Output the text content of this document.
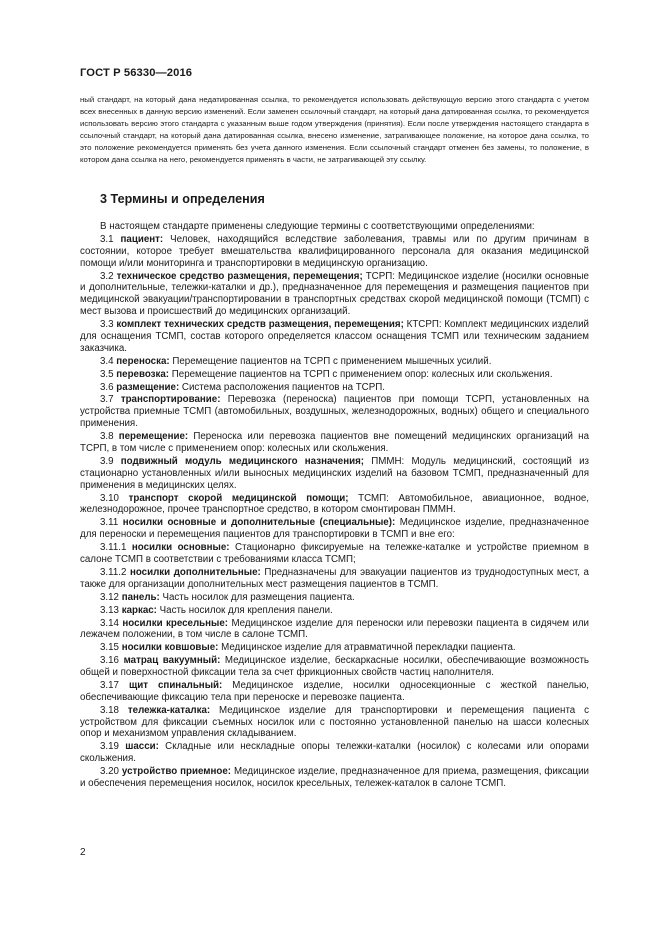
ГОСТ Р 56330—2016

ный стандарт, на который дана недатированная ссылка, то рекомендуется использовать действующую версию этого стандарта с учетом всех внесенных в данную версию изменений. Если заменен ссылочный стандарт, на который дана датированная ссылка, то рекомендуется использовать версию этого стандарта с указанным выше годом утверждения (принятия). Если после утверждения настоящего стандарта в ссылочный стандарт, на который дана датированная ссылка, внесено изменение, затрагивающее положение, на которое дана ссылка, то это положение рекомендуется применять без учета данного изменения. Если ссылочный стандарт отменен без замены, то положение, в котором дана ссылка на него, рекомендуется применять в части, не затрагивающей эту ссылку.

3 Термины и определения

В настоящем стандарте применены следующие термины с соответствующими определениями:

3.1 пациент: Человек, находящийся вследствие заболевания, травмы или по другим причинам в состоянии, которое требует вмешательства квалифицированного персонала для оказания медицинской помощи и/или мониторинга и транспортировки в медицинскую организацию.

3.2 техническое средство размещения, перемещения; ТСРП: Медицинское изделие (носилки основные и дополнительные, тележки-каталки и др.), предназначенное для перемещения и размещения пациентов при медицинской эвакуации/транспортировании в транспортных средствах скорой медицинской помощи (ТСМП) с мест вызова и происшествий до медицинских организаций.

3.3 комплект технических средств размещения, перемещения; КТСРП: Комплект медицинских изделий для оснащения ТСМП, состав которого определяется классом оснащения ТСМП или техническим заданием заказчика.

3.4 переноска: Перемещение пациентов на ТСРП с применением мышечных усилий.

3.5 перевозка: Перемещение пациентов на ТСРП с применением опор: колесных или скольжения.

3.6 размещение: Система расположения пациентов на ТСРП.

3.7 транспортирование: Перевозка (переноска) пациентов при помощи ТСРП, установленных на устройства приемные ТСМП (автомобильных, воздушных, железнодорожных, водных) общего и специального применения.

3.8 перемещение: Переноска или перевозка пациентов вне помещений медицинских организаций на ТСРП, в том числе с применением опор: колесных или скольжения.

3.9 подвижный модуль медицинского назначения; ПММН: Модуль медицинский, состоящий из стационарно установленных и/или выносных медицинских изделий на базовом ТСМП, предназначенный для применения в медицинских целях.

3.10 транспорт скорой медицинской помощи; ТСМП: Автомобильное, авиационное, водное, железнодорожное, прочее транспортное средство, в котором смонтирован ПММН.

3.11 носилки основные и дополнительные (специальные): Медицинское изделие, предназначенное для переноски и перемещения пациентов для транспортировки в ТСМП и вне его:

3.11.1 носилки основные: Стационарно фиксируемые на тележке-каталке и устройстве приемном в салоне ТСМП в соответствии с требованиями класса ТСМП;

3.11.2 носилки дополнительные: Предназначены для эвакуации пациентов из труднодоступных мест, а также для организации дополнительных мест размещения пациентов в ТСМП.

3.12 панель: Часть носилок для размещения пациента.

3.13 каркас: Часть носилок для крепления панели.

3.14 носилки кресельные: Медицинское изделие для переноски или перевозки пациента в сидячем или лежачем положении, в том числе в салоне ТСМП.

3.15 носилки ковшовые: Медицинское изделие для атравматичной перекладки пациента.

3.16 матрац вакуумный: Медицинское изделие, бескаркасные носилки, обеспечивающие возможность общей и поверхностной фиксации тела за счет фрикционных свойств частиц наполнителя.

3.17 щит спинальный: Медицинское изделие, носилки односекционные с жесткой панелью, обеспечивающие фиксацию тела при переноске и перевозке пациента.

3.18 тележка-каталка: Медицинское изделие для транспортировки и перемещения пациента с устройством для фиксации съемных носилок или с постоянно установленной панелью на шасси колесных опор и механизмом управления складыванием.

3.19 шасси: Складные или нескладные опоры тележки-каталки (носилок) с колесами или опорами скольжения.

3.20 устройство приемное: Медицинское изделие, предназначенное для приема, размещения, фиксации и обеспечения перемещения носилок, носилок кресельных, тележек-каталок в салоне ТСМП.

2
